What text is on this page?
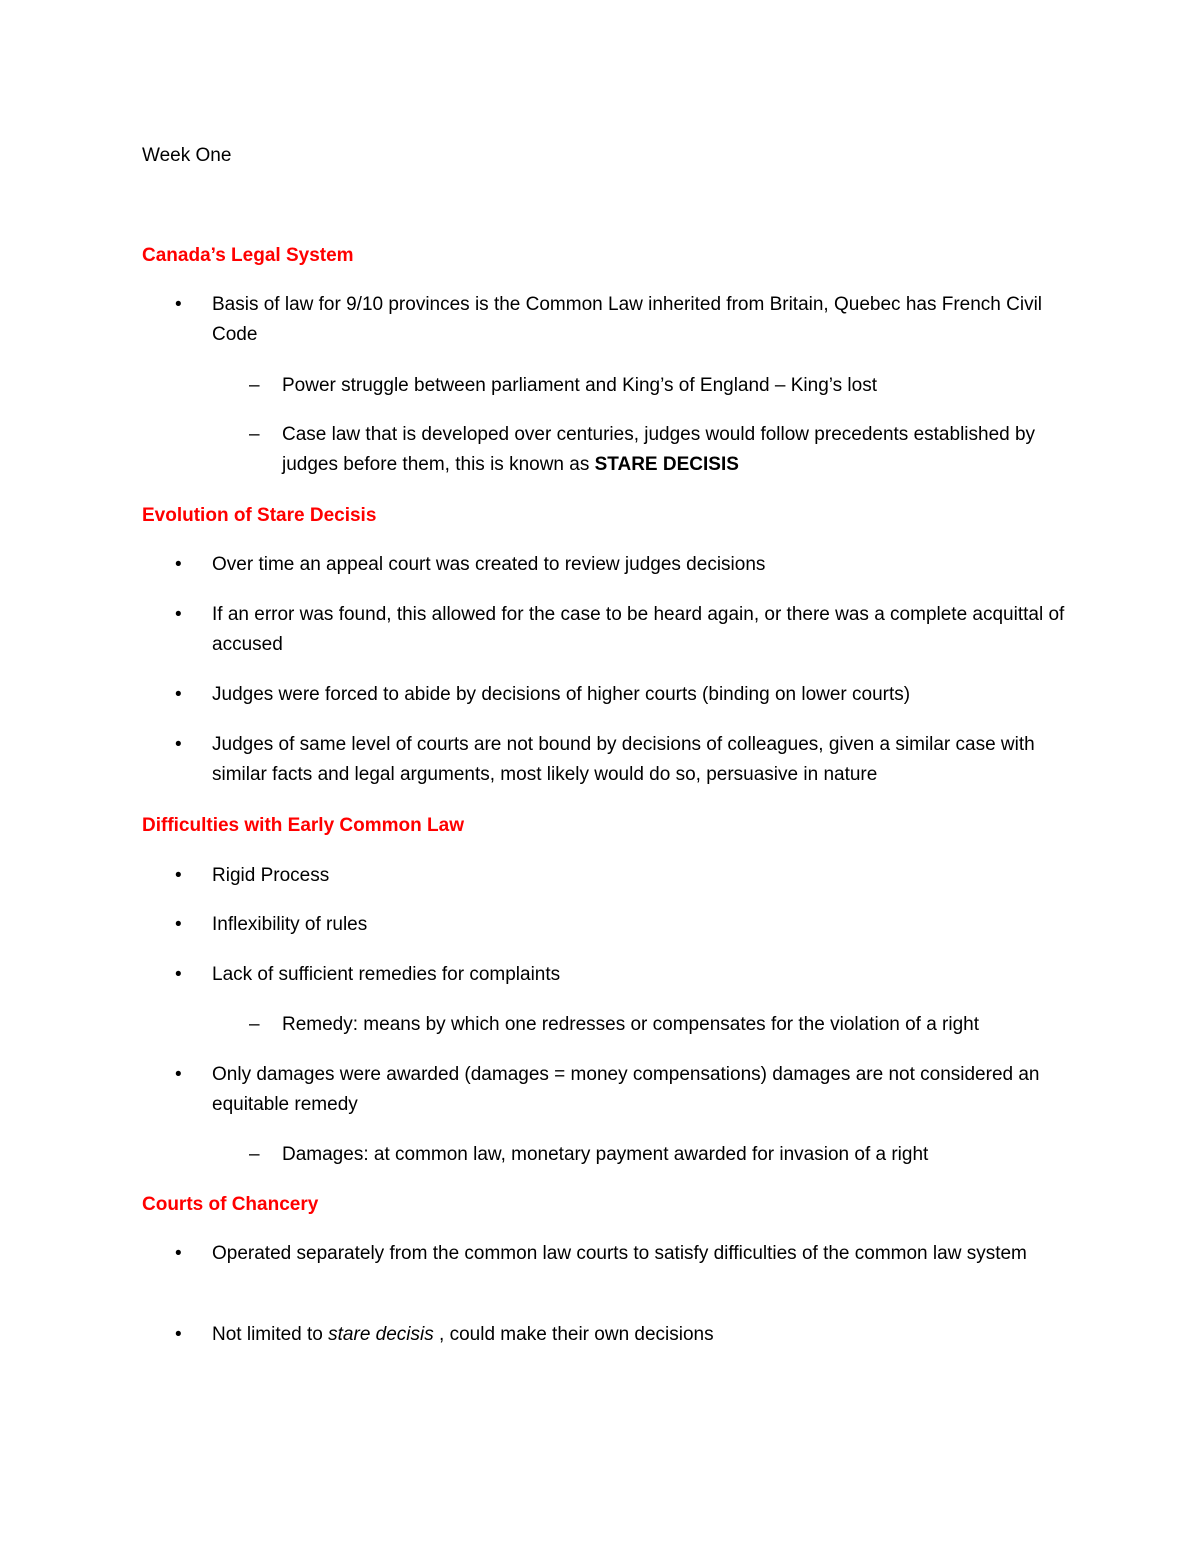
Week One
Canada’s Legal System
• Basis of law for 9/10 provinces is the Common Law inherited from Britain, Quebec has French Civil Code
– Power struggle between parliament and King’s of England – King’s lost
– Case law that is developed over centuries, judges would follow precedents established by judges before them, this is known as STARE DECISIS
Evolution of Stare Decisis
• Over time an appeal court was created to review judges decisions
• If an error was found, this allowed for the case to be heard again, or there was a complete acquittal of accused
• Judges were forced to abide by decisions of higher courts (binding on lower courts)
• Judges of same level of courts are not bound by decisions of colleagues, given a similar case with similar facts and legal arguments, most likely would do so, persuasive in nature
Difficulties with Early Common Law
• Rigid Process
• Inflexibility of rules
• Lack of sufficient remedies for complaints
– Remedy: means by which one redresses or compensates for the violation of a right
• Only damages were awarded (damages = money compensations) damages are not considered an equitable remedy
– Damages: at common law, monetary payment awarded for invasion of a right
Courts of Chancery
• Operated separately from the common law courts to satisfy difficulties of the common law system
• Not limited to stare decisis , could make their own decisions
